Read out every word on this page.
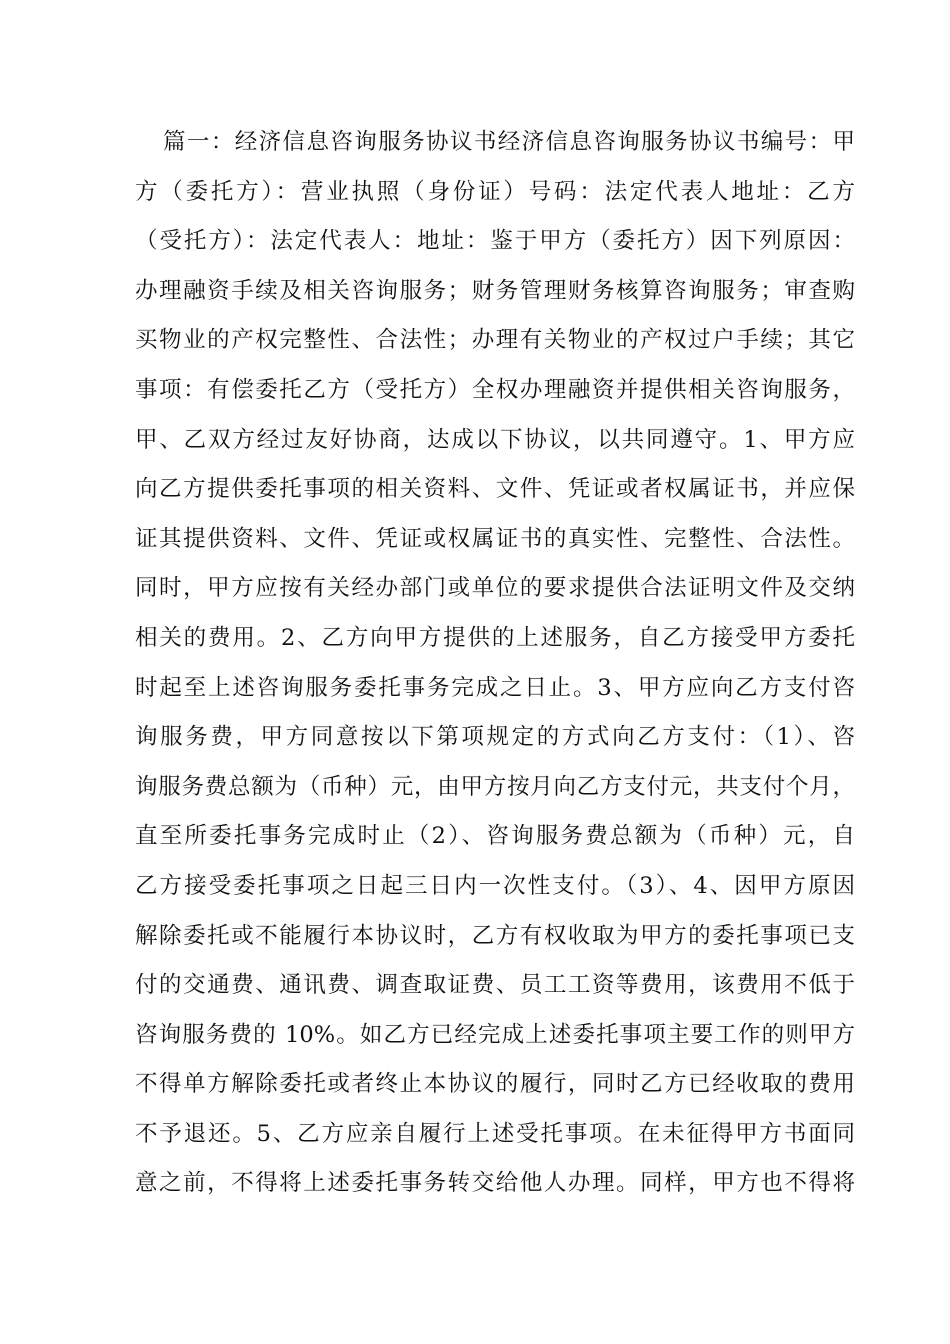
篇一：经济信息咨询服务协议书经济信息咨询服务协议书编号：甲
方（委托方）：营业执照（身份证）号码：法定代表人地址：乙方
（受托方）：法定代表人：地址：鉴于甲方（委托方）因下列原因：
办理融资手续及相关咨询服务；财务管理财务核算咨询服务；审查购
买物业的产权完整性、合法性；办理有关物业的产权过户手续；其它
事项：有偿委托乙方（受托方）全权办理融资并提供相关咨询服务，
甲、乙双方经过友好协商，达成以下协议，以共同遵守。1、甲方应
向乙方提供委托事项的相关资料、文件、凭证或者权属证书，并应保
证其提供资料、文件、凭证或权属证书的真实性、完整性、合法性。
同时，甲方应按有关经办部门或单位的要求提供合法证明文件及交纳
相关的费用。2、乙方向甲方提供的上述服务，自乙方接受甲方委托
时起至上述咨询服务委托事务完成之日止。3、甲方应向乙方支付咨
询服务费，甲方同意按以下第项规定的方式向乙方支付：（1）、咨
询服务费总额为（币种）元，由甲方按月向乙方支付元，共支付个月，
直至所委托事务完成时止（2）、咨询服务费总额为（币种）元，自
乙方接受委托事项之日起三日内一次性支付。（3）、4、因甲方原因
解除委托或不能履行本协议时，乙方有权收取为甲方的委托事项已支
付的交通费、通讯费、调查取证费、员工工资等费用，该费用不低于
咨询服务费的 10%。如乙方已经完成上述委托事项主要工作的则甲方
不得单方解除委托或者终止本协议的履行，同时乙方已经收取的费用
不予退还。5、乙方应亲自履行上述受托事项。在未征得甲方书面同
意之前，不得将上述委托事务转交给他人办理。同样，甲方也不得将
